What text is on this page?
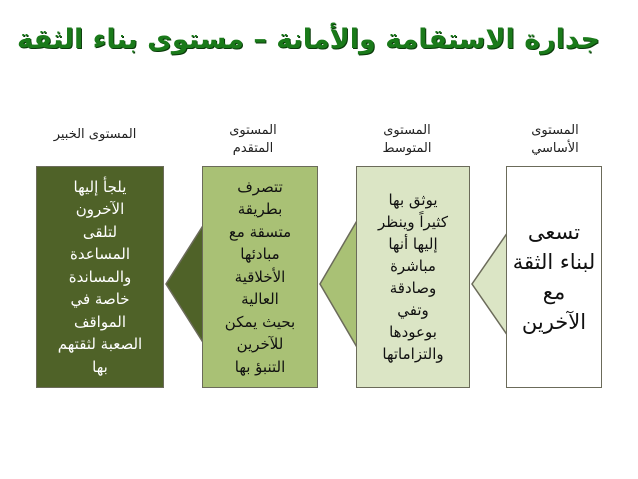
جدارة الاستقامة والأمانة – مستوى بناء الثقة
المستوى
الأساسي
المستوى
المتوسط
المستوى
المتقدم
المستوى الخبير
تسعى
لبناء الثقة
مع
الآخرين
يوثق بها
كثيراً وينظر
إليها أنها
مباشرة
وصادقة
وتفي
بوعودها
والتزاماتها
تتصرف
بطريقة
متسقة مع
مبادئها
الأخلاقية
العالية
بحيث يمكن
للآخرين
التنبؤ بها
يلجأ إليها
الآخرون
لتلقى
المساعدة
والمساندة
خاصة في
المواقف
الصعبة لثقتهم
بها
